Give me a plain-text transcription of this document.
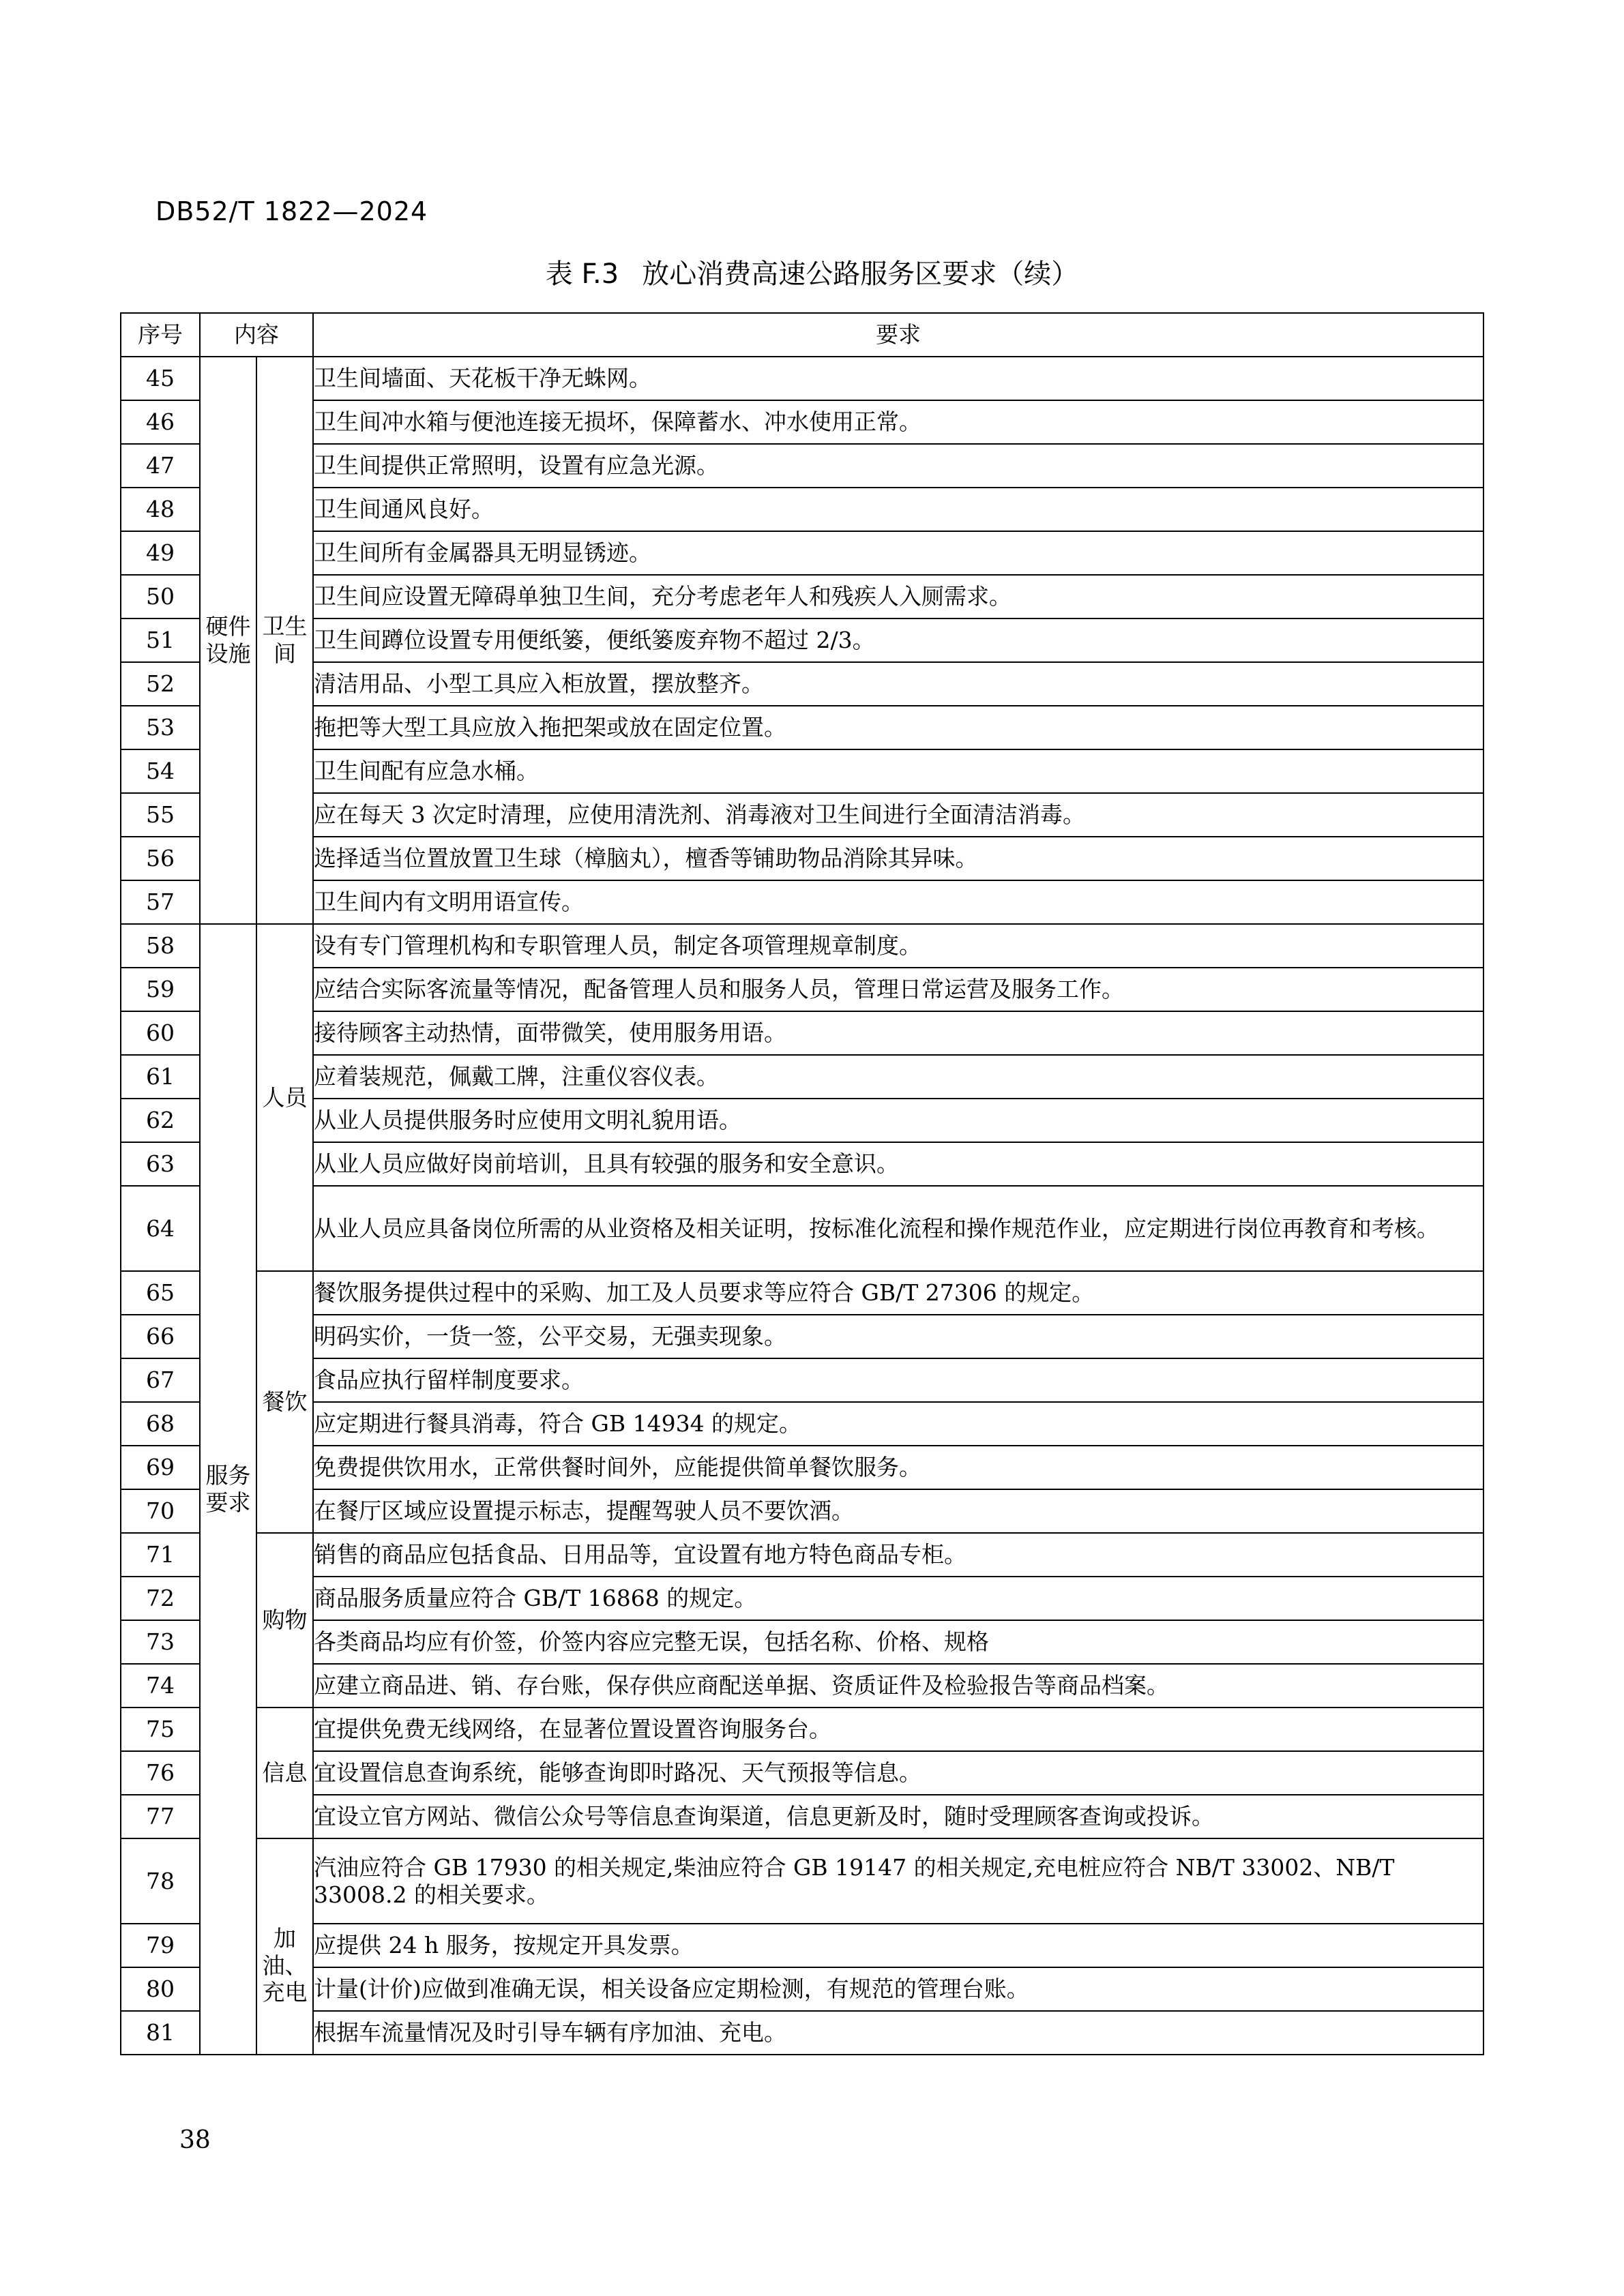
DB52/T 1822—2024
表 F.3 放心消费高速公路服务区要求（续）
序号	内容		要求
45	硬件设施	卫生间	卫生间墙面、天花板干净无蛛网。
46			卫生间冲水箱与便池连接无损坏，保障蓄水、冲水使用正常。
47			卫生间提供正常照明，设置有应急光源。
48			卫生间通风良好。
49			卫生间所有金属器具无明显锈迹。
50			卫生间应设置无障碍单独卫生间，充分考虑老年人和残疾人入厕需求。
51			卫生间蹲位设置专用便纸篓，便纸篓废弃物不超过 2/3。
52			清洁用品、小型工具应入柜放置，摆放整齐。
53			拖把等大型工具应放入拖把架或放在固定位置。
54			卫生间配有应急水桶。
55			应在每天 3 次定时清理，应使用清洗剂、消毒液对卫生间进行全面清洁消毒。
56			选择适当位置放置卫生球（樟脑丸），檀香等铺助物品消除其异味。
57			卫生间内有文明用语宣传。
58	服务要求	人员	设有专门管理机构和专职管理人员，制定各项管理规章制度。
59			应结合实际客流量等情况，配备管理人员和服务人员，管理日常运营及服务工作。
60			接待顾客主动热情，面带微笑，使用服务用语。
61			应着装规范，佩戴工牌，注重仪容仪表。
62			从业人员提供服务时应使用文明礼貌用语。
63			从业人员应做好岗前培训，且具有较强的服务和安全意识。
64			从业人员应具备岗位所需的从业资格及相关证明，按标准化流程和操作规范作业，应定期进行岗位再教育和考核。
65		餐饮	餐饮服务提供过程中的采购、加工及人员要求等应符合 GB/T 27306 的规定。
66			明码实价，一货一签，公平交易，无强卖现象。
67			食品应执行留样制度要求。
68			应定期进行餐具消毒，符合 GB 14934 的规定。
69			免费提供饮用水，正常供餐时间外，应能提供简单餐饮服务。
70			在餐厅区域应设置提示标志，提醒驾驶人员不要饮酒。
71		购物	销售的商品应包括食品、日用品等，宜设置有地方特色商品专柜。
72			商品服务质量应符合 GB/T 16868 的规定。
73			各类商品均应有价签，价签内容应完整无误，包括名称、价格、规格
74			应建立商品进、销、存台账，保存供应商配送单据、资质证件及检验报告等商品档案。
75		信息	宜提供免费无线网络，在显著位置设置咨询服务台。
76			宜设置信息查询系统，能够查询即时路况、天气预报等信息。
77			宜设立官方网站、微信公众号等信息查询渠道，信息更新及时，随时受理顾客查询或投诉。
78		加油、充电	汽油应符合 GB 17930 的相关规定,柴油应符合 GB 19147 的相关规定,充电桩应符合 NB/T 33002、NB/T 33008.2 的相关要求。
79			应提供 24 h 服务，按规定开具发票。
80			计量(计价)应做到准确无误，相关设备应定期检测，有规范的管理台账。
81			根据车流量情况及时引导车辆有序加油、充电。
38
